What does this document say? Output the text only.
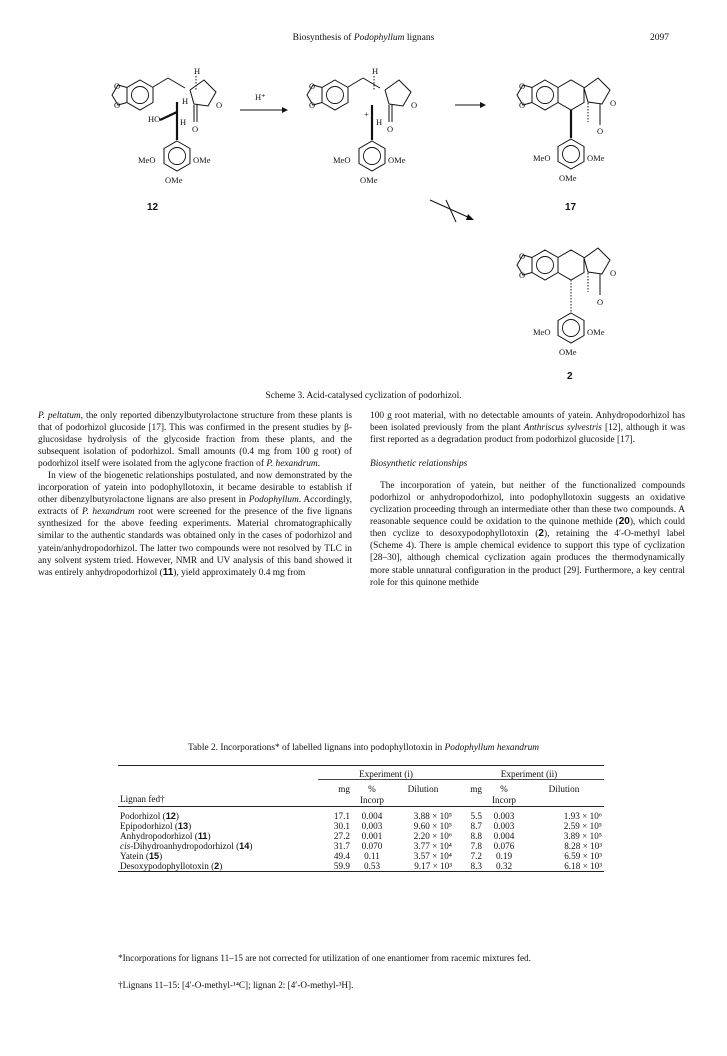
Biosynthesis of Podophyllum lignans	2097
O
O
H
O
O
H
HO H
MeO	OMe
OMe
H⁺
O
O
H
O
O
+
H
MeO	OMe
OMe
O
O	O
O
MeO	OMe
OMe
12	17
O
O	O
O
MeO	OMe
OMe
2
Scheme 3. Acid-catalysed cyclization of podorhizol.

P. peltatum, the only reported dibenzylbutyrolactone structure from these plants is that of podorhizol glucoside [17]. This was confirmed in the present studies by β-glucosidase hydrolysis of the glycoside fraction from these plants, and the subsequent isolation of podorhizol. Small amounts (0.4 mg from 100 g root) of podorhizol itself were isolated from the aglycone fraction of P. hexandrum.

In view of the biogenetic relationships postulated, and now demonstrated by the incorporation of yatein into podophyllotoxin, it became desirable to establish if other dibenzylbutyrolactone lignans are also present in Podophyllum. Accordingly, extracts of P. hexandrum root were screened for the presence of the five lignans synthesized for the above feeding experiments. Material chromatographically similar to the authentic standards was obtained only in the cases of podorhizol and yatein/anhydropodorhizol. The latter two compounds were not resolved by TLC in any solvent system tried. However, NMR and UV analysis of this band showed it was entirely anhydropodorhizol (11), yield approximately 0.4 mg from

100 g root material, with no detectable amounts of yatein. Anhydropodorhizol has been isolated previously from the plant Anthriscus sylvestris [12], although it was first reported as a degradation product from podorhizol glucoside [17].

Biosynthetic relationships

The incorporation of yatein, but neither of the functionalized compounds podorhizol or anhydropodorhizol, into podophyllotoxin suggests an oxidative cyclization proceeding through an intermediate other than these two compounds. A reasonable sequence could be oxidation to the quinone methide (20), which could then cyclize to desoxypodophyllotoxin (2), retaining the 4′-O-methyl label (Scheme 4). There is ample chemical evidence to support this type of cyclization [28–30], although chemical cyclization again produces the thermodynamically more stable unnatural configuration in the product [29]. Furthermore, a key central role for this quinone methide

Table 2. Incorporations* of labelled lignans into podophyllotoxin in Podophyllum hexandrum
	Experiment (i)			Experiment (ii)		

	mg	%	Dilution	mg	%	Dilution
Lignan fed†		Incorp			Incorp	

Podorhizol (12)	17.1	0.004	3.88 × 10⁵	5.5	0.003	1.93 × 10⁶
Epipodorhizol (13)	30.1	0.003	9.60 × 10⁵	8.7	0.003	2.59 × 10⁵
Anhydropodorhizol (11)	27.2	0.001	2.20 × 10⁶	8.8	0.004	3.89 × 10⁵
cis-Dihydroanhydropodorhizol (14)	31.7	0.070	3.77 × 10⁴	7.8	0.076	8.28 × 10³
Yatein (15)	49.4	0.11	3.57 × 10⁴	7.2	0.19	6.59 × 10³
Desoxypodophyllotoxin (2)	59.9	0.53	9.17 × 10³	8.3	0.32	6.18 × 10³

*Incorporations for lignans 11–15 are not corrected for utilization of one enantiomer from racemic mixtures fed.
†Lignans 11–15: [4′-O-methyl-¹⁴C]; lignan 2: [4′-O-methyl-³H].
